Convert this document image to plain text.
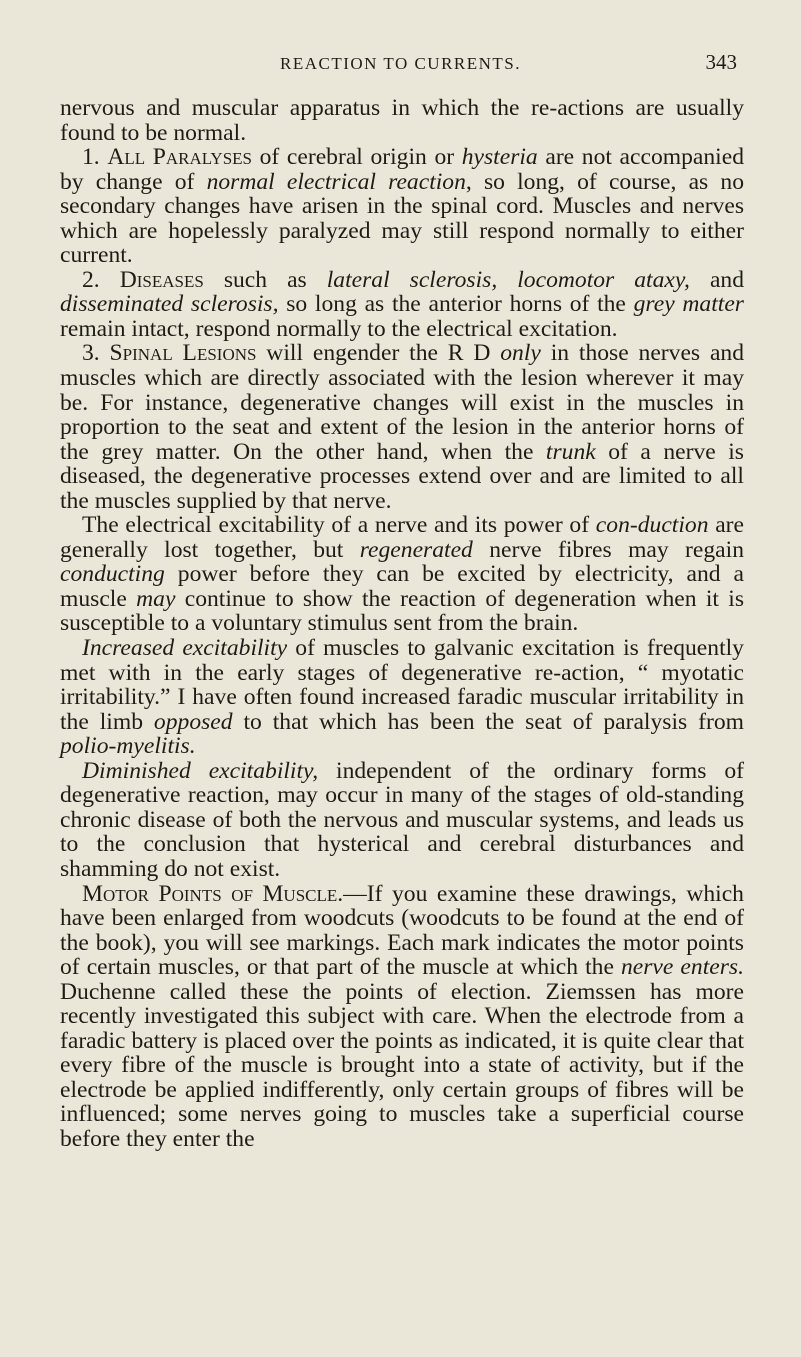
REACTION TO CURRENTS.	343

nervous and muscular apparatus in which the re-actions are usually found to be normal.

1. All Paralyses of cerebral origin or hysteria are not accompanied by change of normal electrical reaction, so long, of course, as no secondary changes have arisen in the spinal cord. Muscles and nerves which are hopelessly paralyzed may still respond normally to either current.

2. Diseases such as lateral sclerosis, locomotor ataxy, and disseminated sclerosis, so long as the anterior horns of the grey matter remain intact, respond normally to the electrical excitation.

3. Spinal Lesions will engender the R D only in those nerves and muscles which are directly associated with the lesion wherever it may be. For instance, degenerative changes will exist in the muscles in proportion to the seat and extent of the lesion in the anterior horns of the grey matter. On the other hand, when the trunk of a nerve is diseased, the degenerative processes extend over and are limited to all the muscles supplied by that nerve.

The electrical excitability of a nerve and its power of con-duction are generally lost together, but regenerated nerve fibres may regain conducting power before they can be excited by electricity, and a muscle may continue to show the reaction of degeneration when it is susceptible to a voluntary stimulus sent from the brain.

Increased excitability of muscles to galvanic excitation is frequently met with in the early stages of degenerative re-action, “ myotatic irritability.” I have often found increased faradic muscular irritability in the limb opposed to that which has been the seat of paralysis from polio-myelitis.

Diminished excitability, independent of the ordinary forms of degenerative reaction, may occur in many of the stages of old-standing chronic disease of both the nervous and muscular systems, and leads us to the conclusion that hysterical and cerebral disturbances and shamming do not exist.

Motor Points of Muscle.—If you examine these drawings, which have been enlarged from woodcuts (woodcuts to be found at the end of the book), you will see markings. Each mark indicates the motor points of certain muscles, or that part of the muscle at which the nerve enters. Duchenne called these the points of election. Ziemssen has more recently investigated this subject with care. When the electrode from a faradic battery is placed over the points as indicated, it is quite clear that every fibre of the muscle is brought into a state of activity, but if the electrode be applied indifferently, only certain groups of fibres will be influenced; some nerves going to muscles take a superficial course before they enter the
